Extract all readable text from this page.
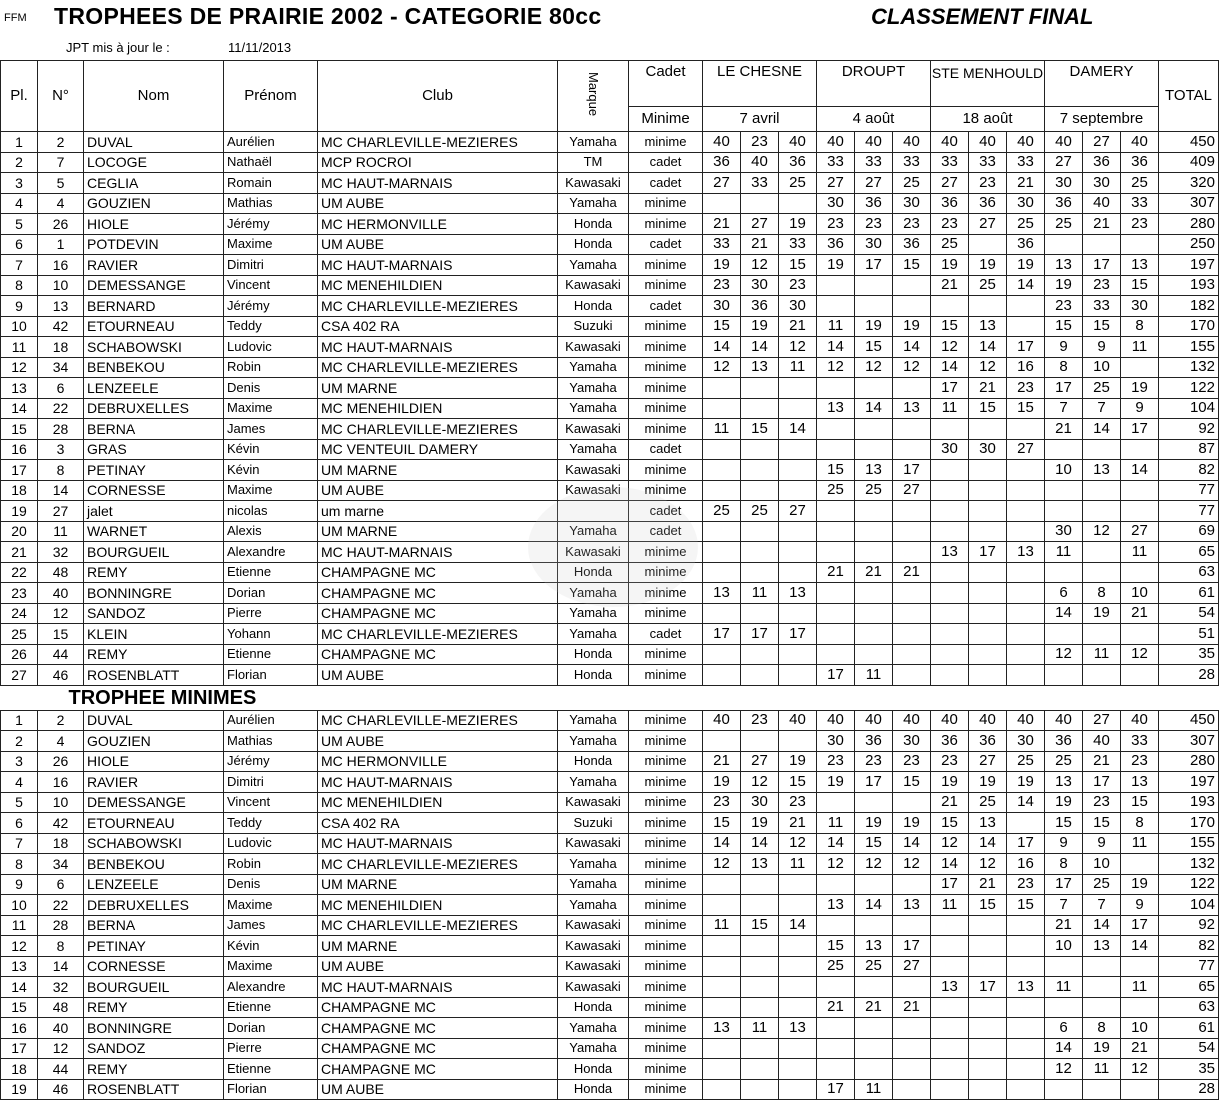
FFM TROPHEES DE PRAIRIE 2002 - CATEGORIE 80cc	CLASSEMENT FINAL
JPT mis à jour le :	11/11/2013
Pl.	N°	Nom	Prénom	Club	Marque	Cadet	LE CHESNE			DROUPT			STE MENHOULD			DAMERY			TOTAL
						Minime	7 avril			4 août			18 août			7 septembre			
1	2	DUVAL	Aurélien	MC CHARLEVILLE-MEZIERES	Yamaha	minime	40	23	40	40	40	40	40	40	40	40	27	40	450
2	7	LOCOGE	Nathaël	MCP ROCROI	TM	cadet	36	40	36	33	33	33	33	33	33	27	36	36	409
3	5	CEGLIA	Romain	MC HAUT-MARNAIS	Kawasaki	cadet	27	33	25	27	27	25	27	23	21	30	30	25	320
4	4	GOUZIEN	Mathias	UM AUBE	Yamaha	minime				30	36	30	36	36	30	36	40	33	307
5	26	HIOLE	Jérémy	MC HERMONVILLE	Honda	minime	21	27	19	23	23	23	23	27	25	25	21	23	280
6	1	POTDEVIN	Maxime	UM AUBE	Honda	cadet	33	21	33	36	30	36	25		36				250
7	16	RAVIER	Dimitri	MC HAUT-MARNAIS	Yamaha	minime	19	12	15	19	17	15	19	19	19	13	17	13	197
8	10	DEMESSANGE	Vincent	MC MENEHILDIEN	Kawasaki	minime	23	30	23				21	25	14	19	23	15	193
9	13	BERNARD	Jérémy	MC CHARLEVILLE-MEZIERES	Honda	cadet	30	36	30							23	33	30	182
10	42	ETOURNEAU	Teddy	CSA 402 RA	Suzuki	minime	15	19	21	11	19	19	15	13		15	15	8	170
11	18	SCHABOWSKI	Ludovic	MC HAUT-MARNAIS	Kawasaki	minime	14	14	12	14	15	14	12	14	17	9	9	11	155
12	34	BENBEKOU	Robin	MC CHARLEVILLE-MEZIERES	Yamaha	minime	12	13	11	12	12	12	14	12	16	8	10		132
13	6	LENZEELE	Denis	UM MARNE	Yamaha	minime							17	21	23	17	25	19	122
14	22	DEBRUXELLES	Maxime	MC MENEHILDIEN	Yamaha	minime				13	14	13	11	15	15	7	7	9	104
15	28	BERNA	James	MC CHARLEVILLE-MEZIERES	Kawasaki	minime	11	15	14							21	14	17	92
16	3	GRAS	Kévin	MC VENTEUIL DAMERY	Yamaha	cadet							30	30	27				87
17	8	PETINAY	Kévin	UM MARNE	Kawasaki	minime				15	13	17				10	13	14	82
18	14	CORNESSE	Maxime	UM AUBE	Kawasaki	minime				25	25	27							77
19	27	jalet	nicolas	um marne		cadet	25	25	27										77
20	11	WARNET	Alexis	UM MARNE	Yamaha	cadet										30	12	27	69
21	32	BOURGUEIL	Alexandre	MC HAUT-MARNAIS	Kawasaki	minime							13	17	13	11		11	65
22	48	REMY	Etienne	CHAMPAGNE MC	Honda	minime				21	21	21							63
23	40	BONNINGRE	Dorian	CHAMPAGNE MC	Yamaha	minime	13	11	13							6	8	10	61
24	12	SANDOZ	Pierre	CHAMPAGNE MC	Yamaha	minime										14	19	21	54
25	15	KLEIN	Yohann	MC CHARLEVILLE-MEZIERES	Yamaha	cadet	17	17	17										51
26	44	REMY	Etienne	CHAMPAGNE MC	Honda	minime										12	11	12	35
27	46	ROSENBLATT	Florian	UM AUBE	Honda	minime				17	11								28
TROPHEE MINIMES																			
1	2	DUVAL	Aurélien	MC CHARLEVILLE-MEZIERES	Yamaha	minime	40	23	40	40	40	40	40	40	40	40	27	40	450
2	4	GOUZIEN	Mathias	UM AUBE	Yamaha	minime				30	36	30	36	36	30	36	40	33	307
3	26	HIOLE	Jérémy	MC HERMONVILLE	Honda	minime	21	27	19	23	23	23	23	27	25	25	21	23	280
4	16	RAVIER	Dimitri	MC HAUT-MARNAIS	Yamaha	minime	19	12	15	19	17	15	19	19	19	13	17	13	197
5	10	DEMESSANGE	Vincent	MC MENEHILDIEN	Kawasaki	minime	23	30	23				21	25	14	19	23	15	193
6	42	ETOURNEAU	Teddy	CSA 402 RA	Suzuki	minime	15	19	21	11	19	19	15	13		15	15	8	170
7	18	SCHABOWSKI	Ludovic	MC HAUT-MARNAIS	Kawasaki	minime	14	14	12	14	15	14	12	14	17	9	9	11	155
8	34	BENBEKOU	Robin	MC CHARLEVILLE-MEZIERES	Yamaha	minime	12	13	11	12	12	12	14	12	16	8	10		132
9	6	LENZEELE	Denis	UM MARNE	Yamaha	minime							17	21	23	17	25	19	122
10	22	DEBRUXELLES	Maxime	MC MENEHILDIEN	Yamaha	minime				13	14	13	11	15	15	7	7	9	104
11	28	BERNA	James	MC CHARLEVILLE-MEZIERES	Kawasaki	minime	11	15	14							21	14	17	92
12	8	PETINAY	Kévin	UM MARNE	Kawasaki	minime				15	13	17				10	13	14	82
13	14	CORNESSE	Maxime	UM AUBE	Kawasaki	minime				25	25	27							77
14	32	BOURGUEIL	Alexandre	MC HAUT-MARNAIS	Kawasaki	minime							13	17	13	11		11	65
15	48	REMY	Etienne	CHAMPAGNE MC	Honda	minime				21	21	21							63
16	40	BONNINGRE	Dorian	CHAMPAGNE MC	Yamaha	minime	13	11	13							6	8	10	61
17	12	SANDOZ	Pierre	CHAMPAGNE MC	Yamaha	minime										14	19	21	54
18	44	REMY	Etienne	CHAMPAGNE MC	Honda	minime										12	11	12	35
19	46	ROSENBLATT	Florian	UM AUBE	Honda	minime				17	11								28
